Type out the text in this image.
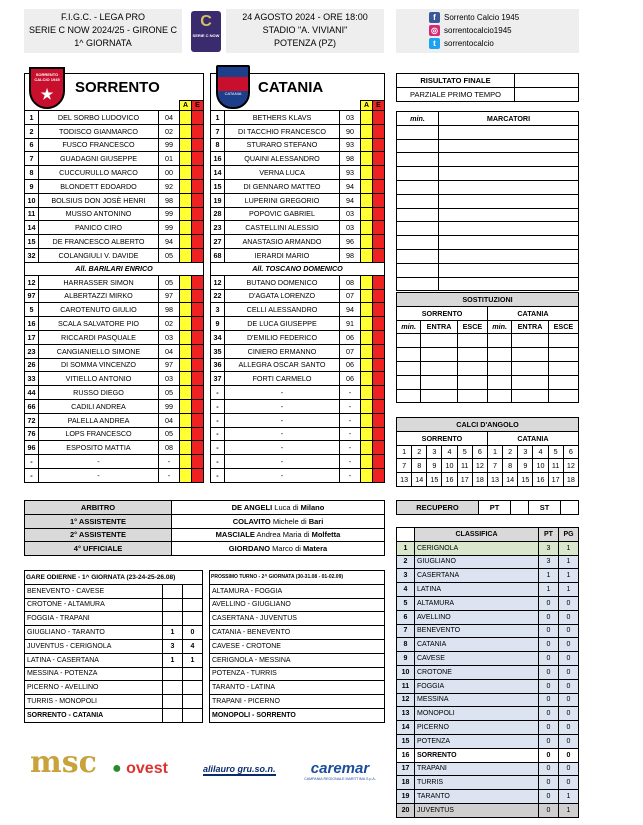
F.I.G.C. - LEGA PRO
SERIE C NOW 2024/25 - GIRONE C
1^ GIORNATA
C
SERIE C NOW
24 AGOSTO 2024 - ORE 18:00
STADIO "A. VIVIANI"
POTENZA (PZ)
f Sorrento Calcio 1945
◎ sorrentocalcio1945
t sorrentocalcio
SORRENTO CALCIO 1945
★	SORRENTO	CATANIA	CATANIA
			A	E
1	DEL SORBO LUDOVICO	04		
2	TODISCO GIANMARCO	02		
6	FUSCO FRANCESCO	99		
7	GUADAGNI GIUSEPPE	01		
8	CUCCURULLO MARCO	00		
9	BLONDETT EDOARDO	92		
10	BOLSIUS DON JOSÈ HENRI	98		
11	MUSSO ANTONINO	99		
14	PANICO CIRO	99		
15	DE FRANCESCO ALBERTO	94		
32	COLANGIULI V. DAVIDE	05		
All. BARILARI ENRICO				
12	HARRASSER SIMON	05		
97	ALBERTAZZI MIRKO	97		
5	CAROTENUTO GIULIO	98		
16	SCALA SALVATORE PIO	02		
17	RICCARDI PASQUALE	03		
23	CANGIANIELLO SIMONE	04		
26	DI SOMMA VINCENZO	97		
33	VITIELLO ANTONIO	03		
44	RUSSO DIEGO	05		
66	CADILI ANDREA	99		
72	PALELLA ANDREA	04		
76	LOPS FRANCESCO	05		
96	ESPOSITO MATTIA	08		
-	-	-		
-	-	-		
			A	E
1	BETHERS KLAVS	03		
7	DI TACCHIO FRANCESCO	90		
8	STURARO STEFANO	93		
16	QUAINI ALESSANDRO	98		
14	VERNA LUCA	93		
15	DI GENNARO MATTEO	94		
19	LUPERINI GREGORIO	94		
28	POPOVIC GABRIEL	03		
23	CASTELLINI ALESSIO	03		
27	ANASTASIO ARMANDO	96		
68	IERARDI MARIO	98		
All. TOSCANO DOMENICO				
12	BUTANO DOMENICO	08		
22	D'AGATA LORENZO	07		
3	CELLI ALESSANDRO	94		
9	DE LUCA GIUSEPPE	91		
34	D'EMILIO FEDERICO	06		
35	CINIERO ERMANNO	07		
36	ALLEGRA OSCAR SANTO	06		
37	FORTI CARMELO	06		
-	-	-		
-	-	-		
-	-	-		
-	-	-		
-	-	-		
-	-	-		
-	-	-		
RISULTATO FINALE	
PARZIALE PRIMO TEMPO	
min.	MARCATORI

SOSTITUZIONI					
SORRENTO			CATANIA		
min.	ENTRA	ESCE	min.	ENTRA	ESCE

CALCI D'ANGOLO											
SORRENTO						CATANIA					
1	2	3	4	5	6	1	2	3	4	5	6
7	8	9	10	11	12	7	8	9	10	11	12
13	14	15	16	17	18	13	14	15	16	17	18
ARBITRO	DE ANGELI Luca di Milano
1° ASSISTENTE	COLAVITO Michele di Bari
2° ASSISTENTE	MASCIALE Andrea Maria di Molfetta
4° UFFICIALE	GIORDANO Marco di Matera
RECUPERO	PT		ST	
GARE ODIERNE - 1^ GIORNATA (23-24-25-26.08)		
BENEVENTO - CAVESE		
CROTONE - ALTAMURA		
FOGGIA - TRAPANI		
GIUGLIANO - TARANTO	1	0
JUVENTUS - CERIGNOLA	3	4
LATINA - CASERTANA	1	1
MESSINA - POTENZA		
PICERNO - AVELLINO		
TURRIS - MONOPOLI		
SORRENTO - CATANIA		
PROSSIMO TURNO - 2^ GIORNATA (30-31.08 - 01-02.09)
ALTAMURA - FOGGIA
AVELLINO - GIUGLIANO
CASERTANA - JUVENTUS
CATANIA - BENEVENTO
CAVESE - CROTONE
CERIGNOLA - MESSINA
POTENZA - TURRIS
TARANTO - LATINA
TRAPANI - PICERNO
MONOPOLI - SORRENTO
	CLASSIFICA	PT	PG
1	CERIGNOLA	3	1
2	GIUGLIANO	3	1
3	CASERTANA	1	1
4	LATINA	1	1
5	ALTAMURA	0	0
6	AVELLINO	0	0
7	BENEVENTO	0	0
8	CATANIA	0	0
9	CAVESE	0	0
10	CROTONE	0	0
11	FOGGIA	0	0
12	MESSINA	0	0
13	MONOPOLI	0	0
14	PICERNO	0	0
15	POTENZA	0	0
16	SORRENTO	0	0
17	TRAPANI	0	0
18	TURRIS	0	0
19	TARANTO	0	1
20	JUVENTUS	0	1
msc ● ovest	alilauro gru.so.n.	caremar
CAMPANIA REGIONALE MARITTIMA S.p.A.
